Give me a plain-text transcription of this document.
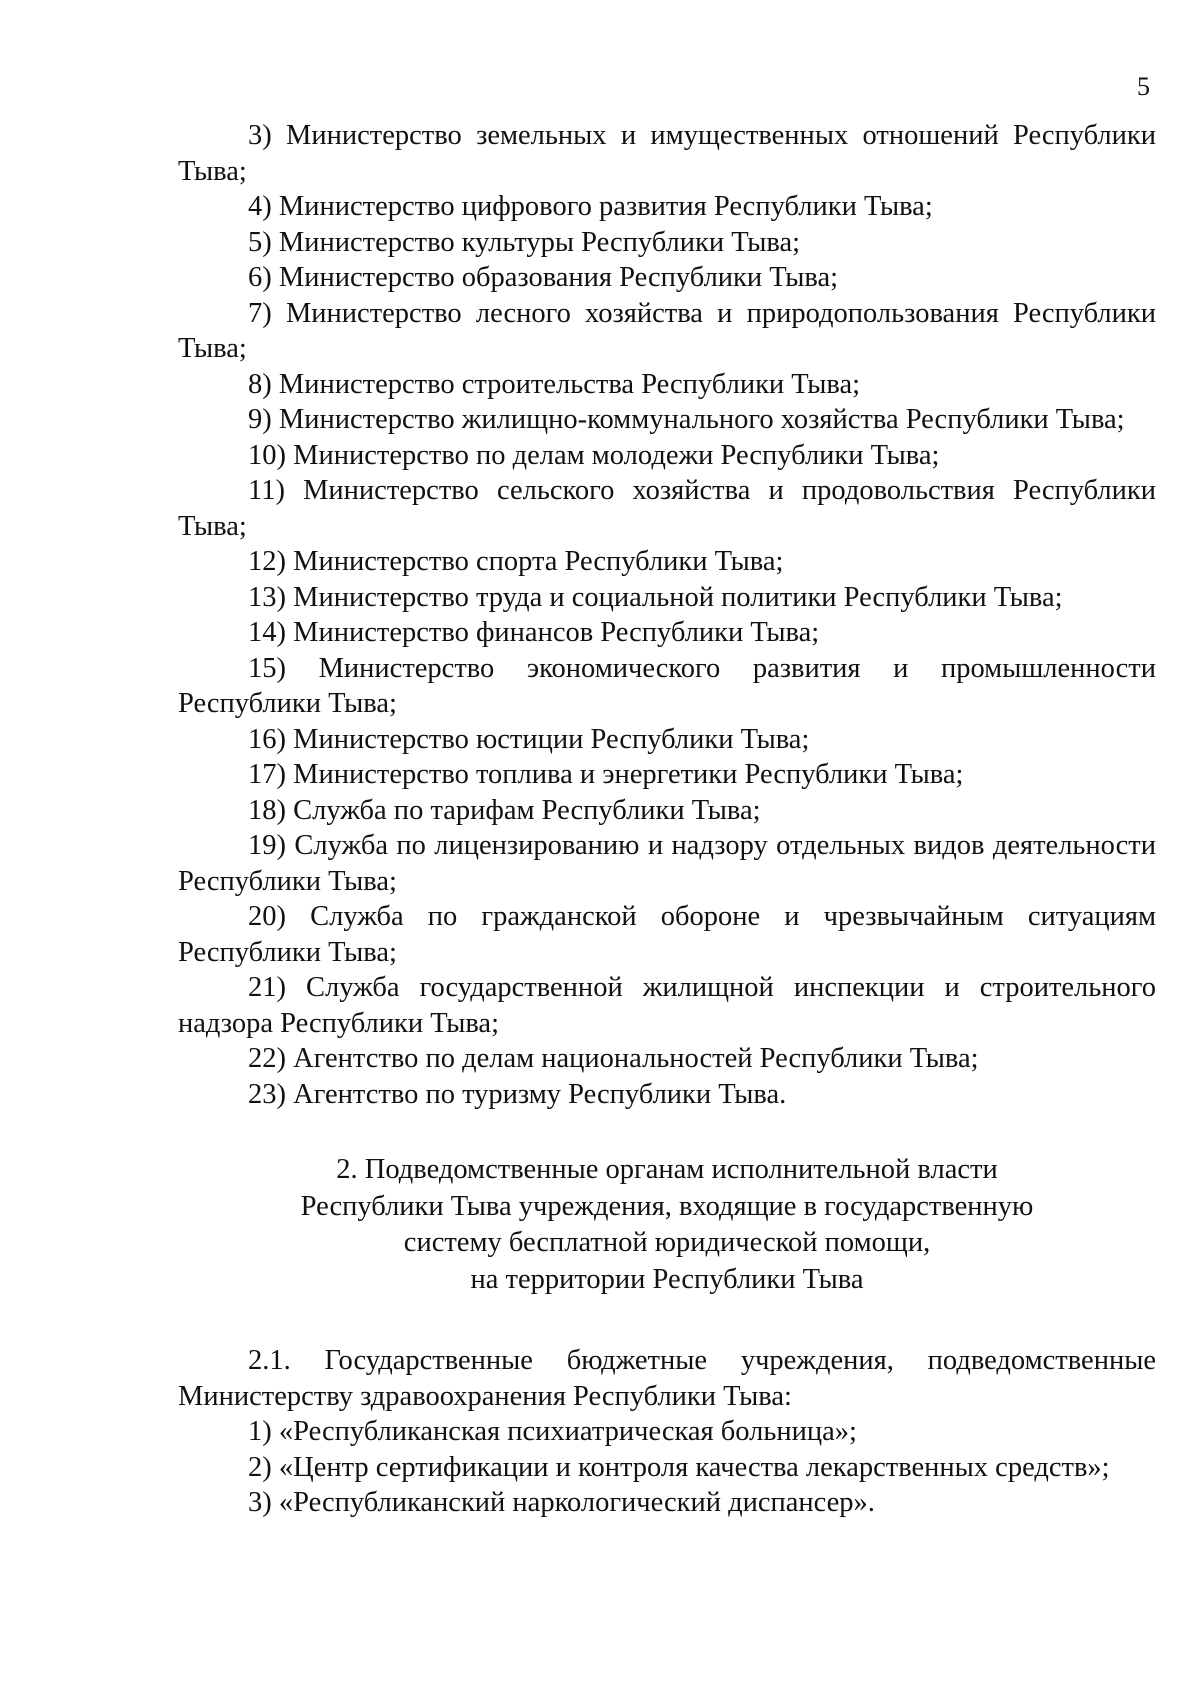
5

3) Министерство земельных и имущественных отношений Республики Тыва;

4) Министерство цифрового развития Республики Тыва;

5) Министерство культуры Республики Тыва;

6) Министерство образования Республики Тыва;

7) Министерство лесного хозяйства и природопользования Республики Тыва;

8) Министерство строительства Республики Тыва;

9) Министерство жилищно-коммунального хозяйства Республики Тыва;

10) Министерство по делам молодежи Республики Тыва;

11) Министерство сельского хозяйства и продовольствия Республики Тыва;

12) Министерство спорта Республики Тыва;

13) Министерство труда и социальной политики Республики Тыва;

14) Министерство финансов Республики Тыва;

15) Министерство экономического развития и промышленности Республики Тыва;

16) Министерство юстиции Республики Тыва;

17) Министерство топлива и энергетики Республики Тыва;

18) Служба по тарифам Республики Тыва;

19) Служба по лицензированию и надзору отдельных видов деятельности Республики Тыва;

20) Служба по гражданской обороне и чрезвычайным ситуациям Республики Тыва;

21) Служба государственной жилищной инспекции и строительного надзора Республики Тыва;

22) Агентство по делам национальностей Республики Тыва;

23) Агентство по туризму Республики Тыва.

2. Подведомственные органам исполнительной власти
Республики Тыва учреждения, входящие в государственную
систему бесплатной юридической помощи,
на территории Республики Тыва

2.1. Государственные бюджетные учреждения, подведомственные Министерству здравоохранения Республики Тыва:

1) «Республиканская психиатрическая больница»;

2) «Центр сертификации и контроля качества лекарственных средств»;

3) «Республиканский наркологический диспансер».
